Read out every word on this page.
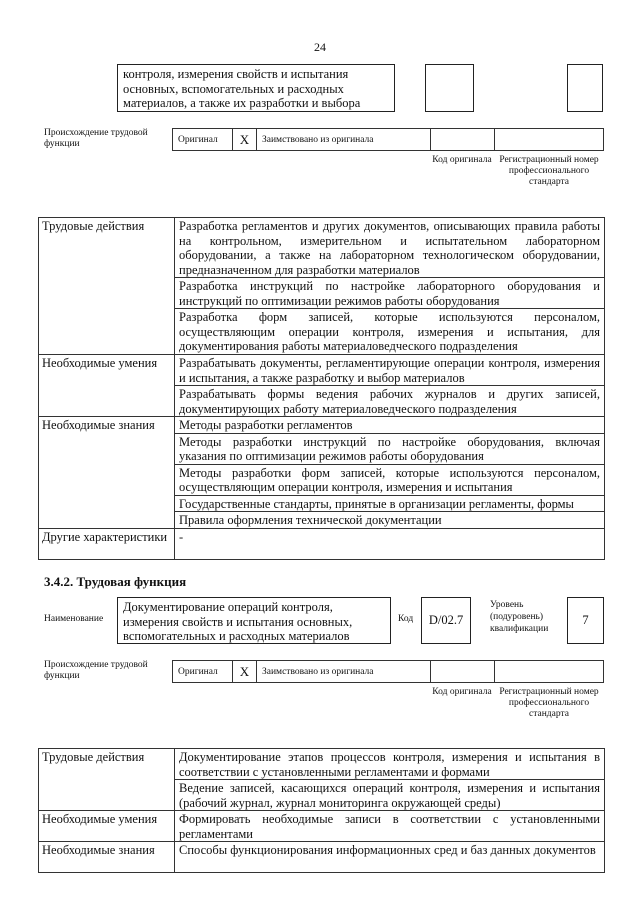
24
контроля, измерения свойств и испытания основных, вспомогательных и расходных материалов, а также их разработки и выбора
Происхождение трудовой функции	Оригинал	X	Заимствовано из оригинала
Код оригинала Регистрационный номер профессионального стандарта
Трудовые действия	Разработка регламентов и других документов, описывающих правила работы на контрольном, измерительном и испытательном лабораторном оборудовании, а также на лабораторном технологическом оборудовании, предназначенном для разработки материалов
	Разработка инструкций по настройке лабораторного оборудования и инструкций по оптимизации режимов работы оборудования
	Разработка форм записей, которые используются персоналом, осуществляющим операции контроля, измерения и испытания, для документирования работы материаловедческого подразделения
Необходимые умения	Разрабатывать документы, регламентирующие операции контроля, измерения и испытания, а также разработку и выбор материалов
	Разрабатывать формы ведения рабочих журналов и других записей, документирующих работу материаловедческого подразделения
Необходимые знания	Методы разработки регламентов
	Методы разработки инструкций по настройке оборудования, включая указания по оптимизации режимов работы оборудования
	Методы разработки форм записей, которые используются персоналом, осуществляющим операции контроля, измерения и испытания
	Государственные стандарты, принятые в организации регламенты, формы
	Правила оформления технической документации
Другие характеристики	-
3.4.2. Трудовая функция
Наименование
Документирование операций контроля, измерения свойств и испытания основных, вспомогательных и расходных материалов
Код D/02.7
Уровень (подуровень) квалификации
7
Происхождение трудовой функции	Оригинал	X	Заимствовано из оригинала
Код оригинала Регистрационный номер профессионального стандарта
Трудовые действия	Документирование этапов процессов контроля, измерения и испытания в соответствии с установленными регламентами и формами
	Ведение записей, касающихся операций контроля, измерения и испытания (рабочий журнал, журнал мониторинга окружающей среды)
Необходимые умения	Формировать необходимые записи в соответствии с установленными регламентами
Необходимые знания	Способы функционирования информационных сред и баз данных документов
